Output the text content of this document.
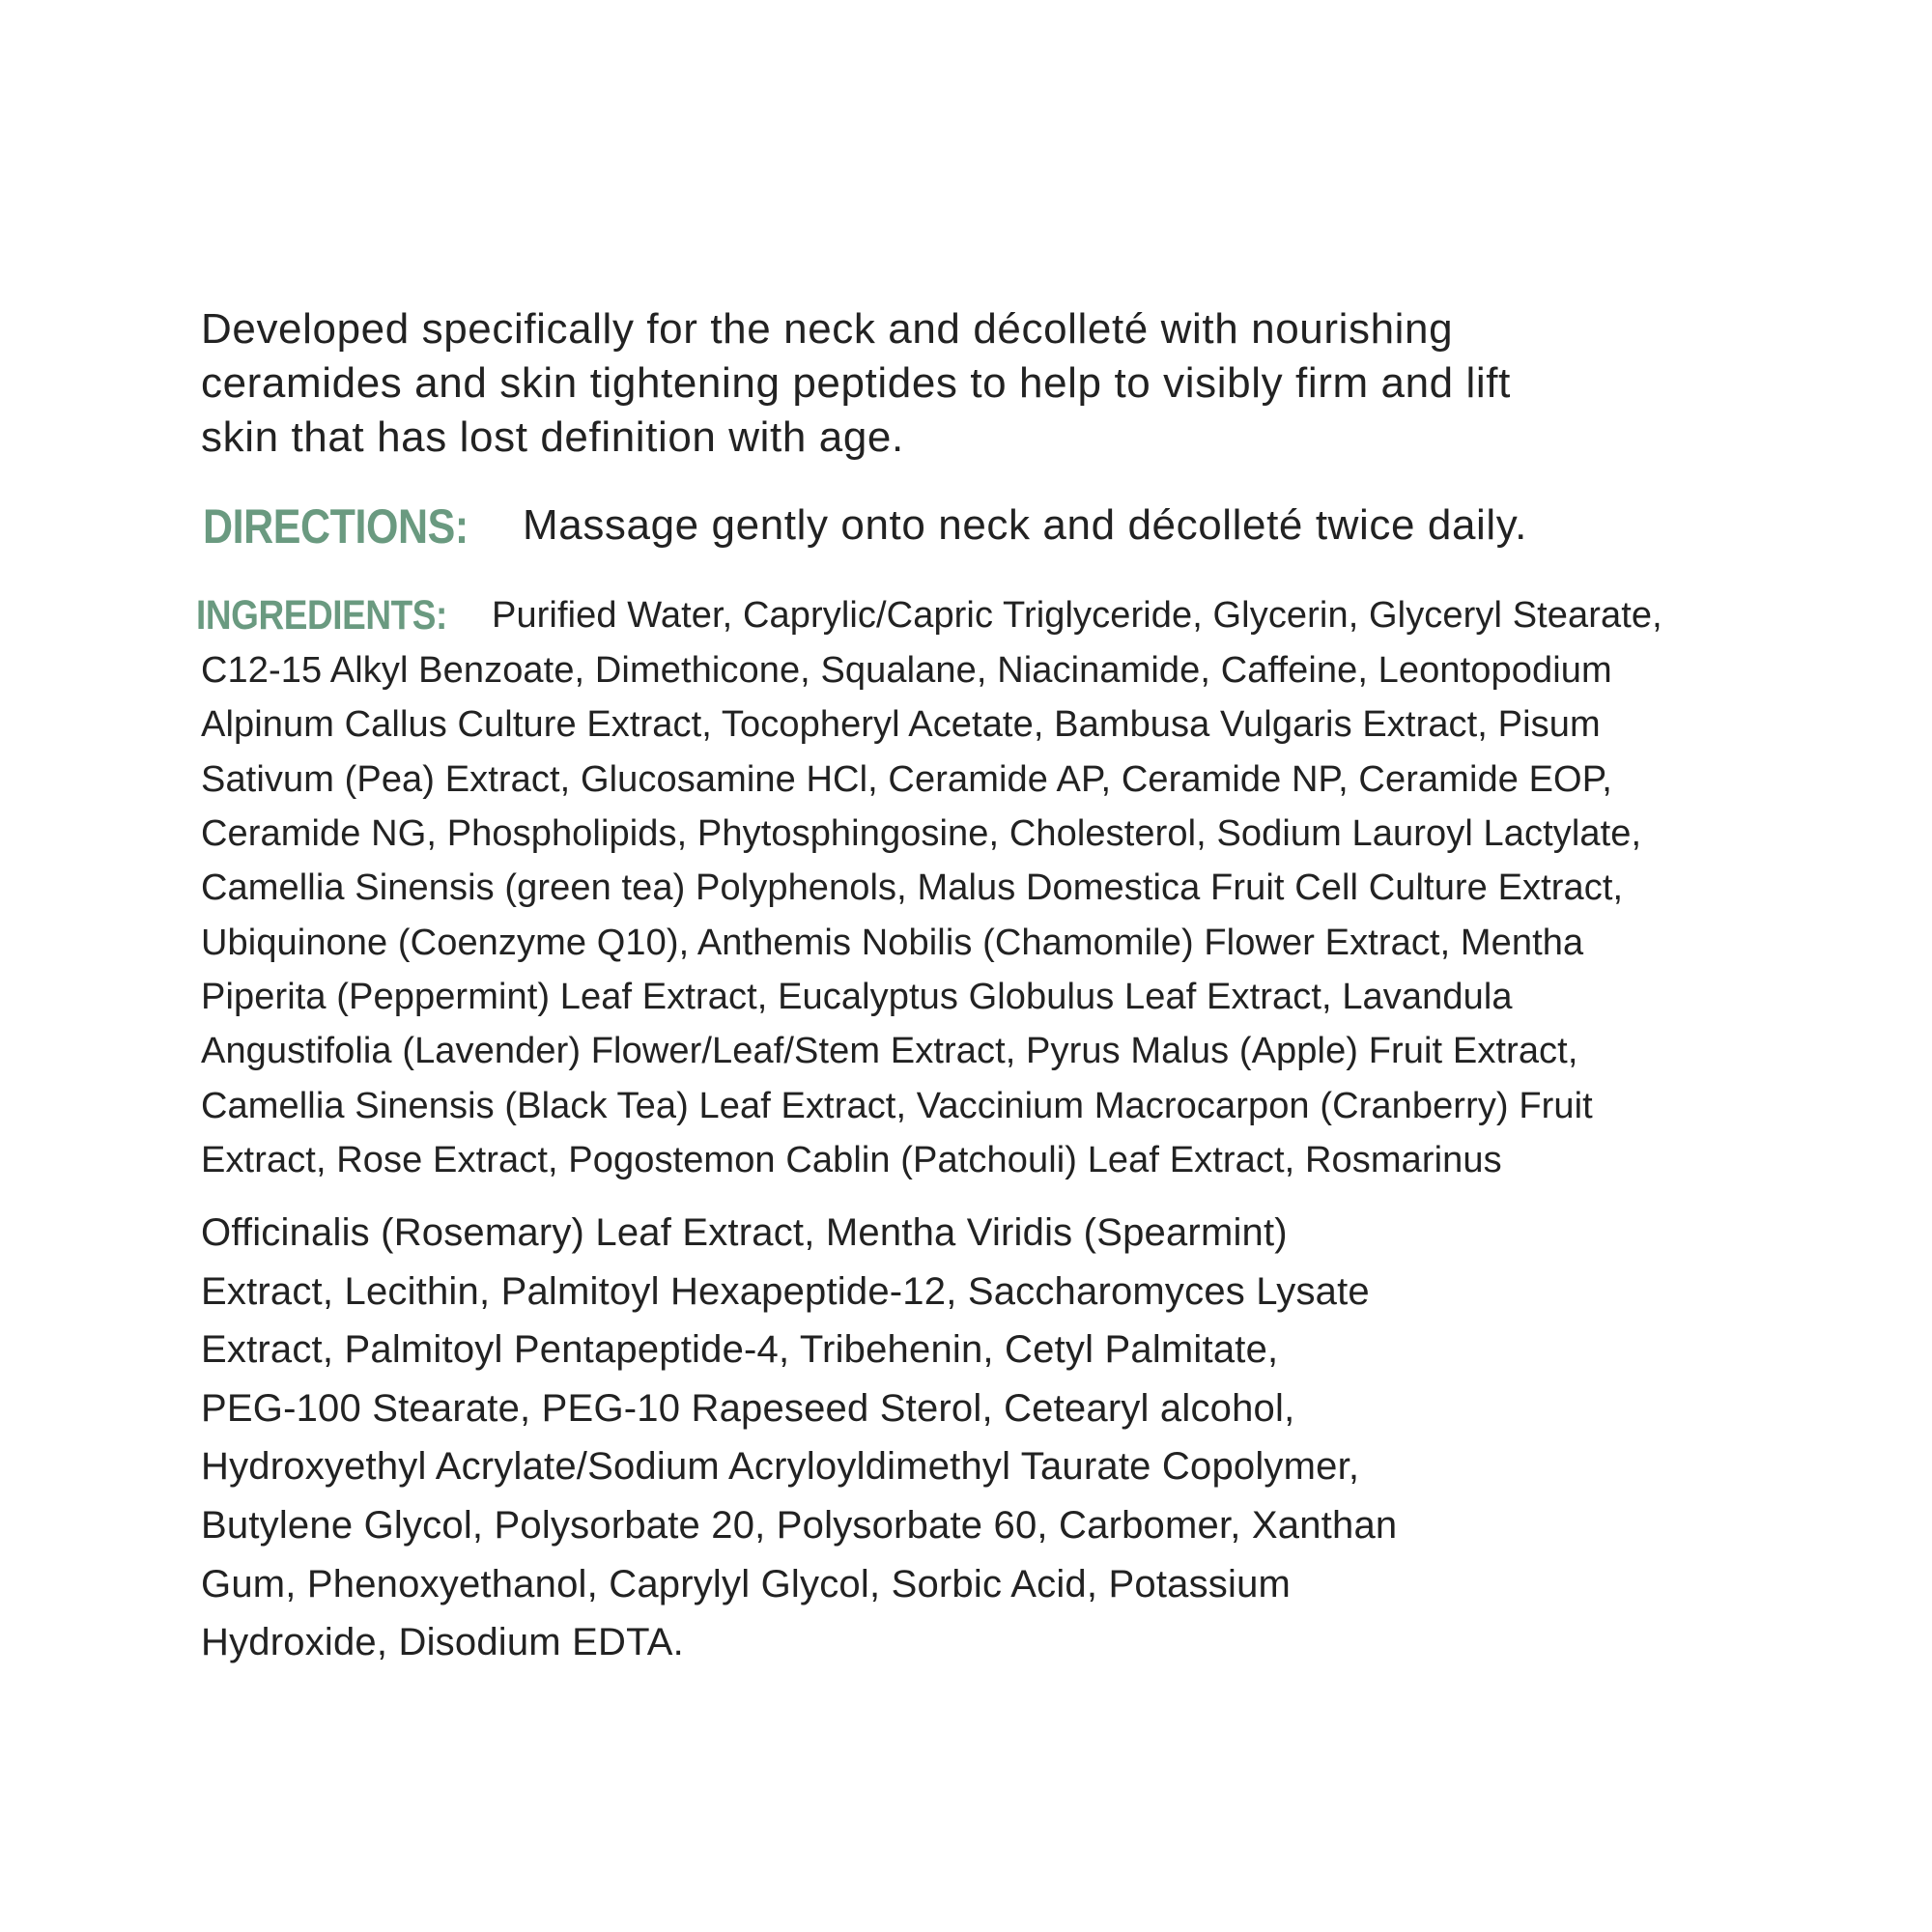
Developed specifically for the neck and décolleté with nourishing
ceramides and skin tightening peptides to help to visibly firm and lift
skin that has lost definition with age.
DIRECTIONS: Massage gently onto neck and décolleté twice daily.
INGREDIENTS: Purified Water, Caprylic/Capric Triglyceride, Glycerin, Glyceryl Stearate,
C12-15 Alkyl Benzoate, Dimethicone, Squalane, Niacinamide, Caffeine, Leontopodium
Alpinum Callus Culture Extract, Tocopheryl Acetate, Bambusa Vulgaris Extract, Pisum
Sativum (Pea) Extract, Glucosamine HCl, Ceramide AP, Ceramide NP, Ceramide EOP,
Ceramide NG, Phospholipids, Phytosphingosine, Cholesterol, Sodium Lauroyl Lactylate,
Camellia Sinensis (green tea) Polyphenols, Malus Domestica Fruit Cell Culture Extract,
Ubiquinone (Coenzyme Q10), Anthemis Nobilis (Chamomile) Flower Extract, Mentha
Piperita (Peppermint) Leaf Extract, Eucalyptus Globulus Leaf Extract, Lavandula
Angustifolia (Lavender) Flower/Leaf/Stem Extract, Pyrus Malus (Apple) Fruit Extract,
Camellia Sinensis (Black Tea) Leaf Extract, Vaccinium Macrocarpon (Cranberry) Fruit
Extract, Rose Extract, Pogostemon Cablin (Patchouli) Leaf Extract, Rosmarinus
Officinalis (Rosemary) Leaf Extract, Mentha Viridis (Spearmint)
Extract, Lecithin, Palmitoyl Hexapeptide-12, Saccharomyces Lysate
Extract, Palmitoyl Pentapeptide-4, Tribehenin, Cetyl Palmitate,
PEG-100 Stearate, PEG-10 Rapeseed Sterol, Cetearyl alcohol,
Hydroxyethyl Acrylate/Sodium Acryloyldimethyl Taurate Copolymer,
Butylene Glycol, Polysorbate 20, Polysorbate 60, Carbomer, Xanthan
Gum, Phenoxyethanol, Caprylyl Glycol, Sorbic Acid, Potassium
Hydroxide, Disodium EDTA.
